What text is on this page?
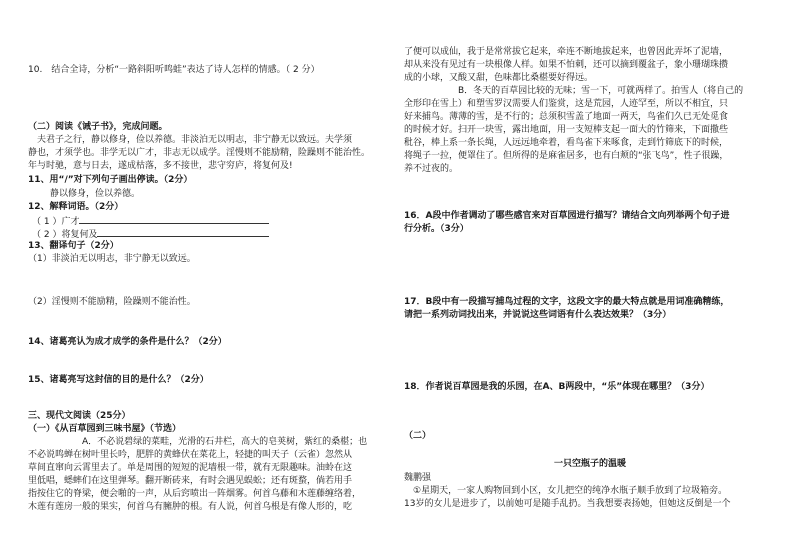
10.　结合全诗，分析“一路斜阳听鸣蛙”表达了诗人怎样的情感。（ 2 分）
（二）阅读《诫子书》，完成问题。
　夫君子之行，静以修身，俭以养德。非淡泊无以明志，非宁静无以致远。夫学须
静也，才须学也。非学无以广才，非志无以成学。淫慢则不能励精，险躁则不能治性。
年与时驰，意与日去，遂成枯落，多不接世，悲守穷庐，将复何及!
11、用“/”对下列句子画出停读。（2分）
静以修身，俭以养德。
12、解释词语。（2分）
（ 1 ）广才
（ 2 ）将复何及
13、翻译句子（2分）
（1）非淡泊无以明志，非宁静无以致远。
（2）淫慢则不能励精，险躁则不能治性。
14、诸葛亮认为成才成学的条件是什么？（2分）
15、诸葛亮写这封信的目的是什么？（2分）
三、现代文阅读（25分）
（一）《从百草园到三味书屋》（节选）
　　　　　　A．不必说碧绿的菜畦，光滑的石井栏，高大的皂荚树，紫红的桑椹；也
不必说鸣蝉在树叶里长吟，肥胖的黄蜂伏在菜花上，轻捷的叫天子（云雀）忽然从
草间直窜向云霄里去了。单是周围的短短的泥墙根一带，就有无限趣味。油蛉在这
里低唱，蟋蟀们在这里弹琴。翻开断砖来，有时会遇见蜈蚣；还有斑蝥，倘若用手
指按住它的脊梁，便会啪的一声，从后窍喷出一阵烟雾。何首乌藤和木莲藤缠络着，
木莲有莲房一般的果实，何首乌有臃肿的根。有人说，何首乌根是有像人形的，吃
了便可以成仙，我于是常常拔它起来，牵连不断地拔起来，也曾因此弄坏了泥墙，
却从来没有见过有一块根像人样。如果不怕刺，还可以摘到覆盆子，象小珊瑚珠攒
成的小球，又酸又甜，色味都比桑椹要好得远。
　　　　　　B．冬天的百草园比较的无味；雪一下，可就两样了。拍雪人（将自己的
全形印在雪上）和塑雪罗汉需要人们鉴赏，这是荒园，人迹罕至，所以不相宜，只
好来捕鸟。薄薄的雪，是不行的；总须积雪盖了地面一两天，鸟雀们久已无处觅食
的时候才好。扫开一块雪，露出地面，用一支短棒支起一面大的竹筛来，下面撒些
秕谷，棒上系一条长绳，人远远地牵着，看鸟雀下来啄食，走到竹筛底下的时候，
将绳子一拉，便罩住了。但所得的是麻雀居多，也有白颊的“张飞鸟”，性子很躁，
养不过夜的。
16．A段中作者调动了哪些感官来对百草园进行描写？请结合文向列举两个句子进
行分析。（3分）
17．B段中有一段描写捕鸟过程的文字，这段文字的最大特点就是用词准确精练，
请把一系列动词找出来，并说说这些词语有什么表达效果？（3分）
18．作者说百草园是我的乐园，在A、B两段中，“乐”体现在哪里？（3分）
（二）
一只空瓶子的温暖
魏鹏强
　①星期天，一家人购物回到小区，女儿把空的纯净水瓶子顺手放到了垃圾箱旁。
13岁的女儿是进步了，以前她可是随手乱扔。当我想要表扬她，但她这反倒是一个
